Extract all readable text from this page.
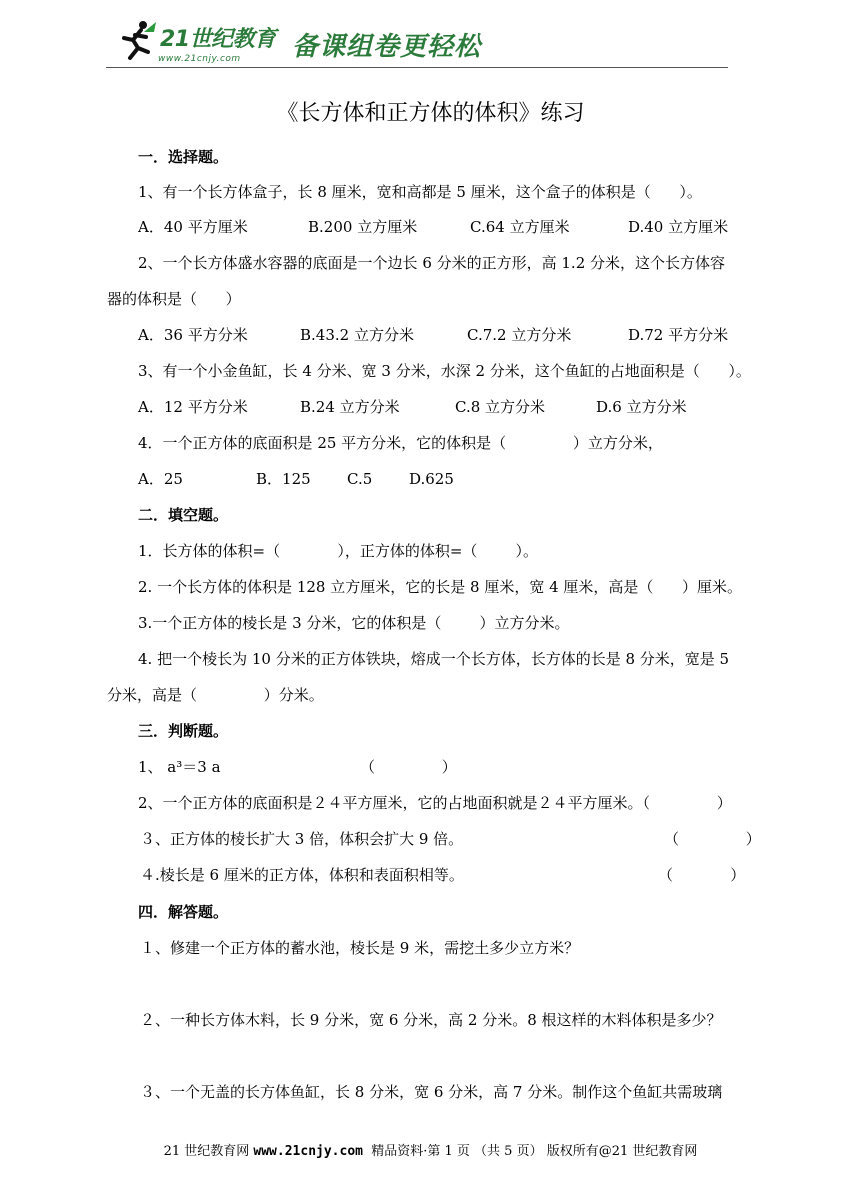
21世纪教育
www.21cnjy.com 备课组卷更轻松
《长方体和正方体的体积》练习
一．选择题。
1、有一个长方体盒子，长 8 厘米，宽和高都是 5 厘米，这个盒子的体积是（      ）。
A．40 平方厘米	B.200 立方厘米	C.64 立方厘米	D.40 立方厘米
2、一个长方体盛水容器的底面是一个边长 6 分米的正方形，高 1.2 分米，这个长方体容
器的体积是（      ）
A．36 平方分米	B.43.2 立方分米	C.7.2 立方分米	D.72 平方分米
3、有一个小金鱼缸，长 4 分米、宽 3 分米，水深 2 分米，这个鱼缸的占地面积是（      ）。
A．12 平方分米	B.24 立方分米	C.8 立方分米	D.6 立方分米
4．一个正方体的底面积是 25 平方分米，它的体积是（              ）立方分米，
A．25	B．125 C.5 D.625
二．填空题。
1．长方体的体积=（            ），正方体的体积=（        ）。
2. 一个长方体的体积是 128 立方厘米，它的长是 8 厘米，宽 4 厘米，高是（      ）厘米。
3.一个正方体的棱长是 3 分米，它的体积是（        ）立方分米。
4. 把一个棱长为 10 分米的正方体铁块，熔成一个长方体，长方体的长是 8 分米，宽是 5
分米，高是（              ）分米。
三．判断题。
1、 a³＝3 a	（              ）
2、一个正方体的底面积是２４平方厘米，它的占地面积就是２４平方厘米。（              ）
３、正方体的棱长扩大 3 倍，体积会扩大 9 倍。	（              ）
４.棱长是 6 厘米的正方体，体积和表面积相等。	（            ）
四．解答题。
１、修建一个正方体的蓄水池，棱长是 9 米，需挖土多少立方米？
２、一种长方体木料，长 9 分米，宽 6 分米，高 2 分米。8 根这样的木料体积是多少？
３、一个无盖的长方体鱼缸，长 8 分米，宽 6 分米，高 7 分米。制作这个鱼缸共需玻璃
21 世纪教育网 www.21cnjy.com  精品资料·第 1 页 （共 5 页） 版权所有@21 世纪教育网
